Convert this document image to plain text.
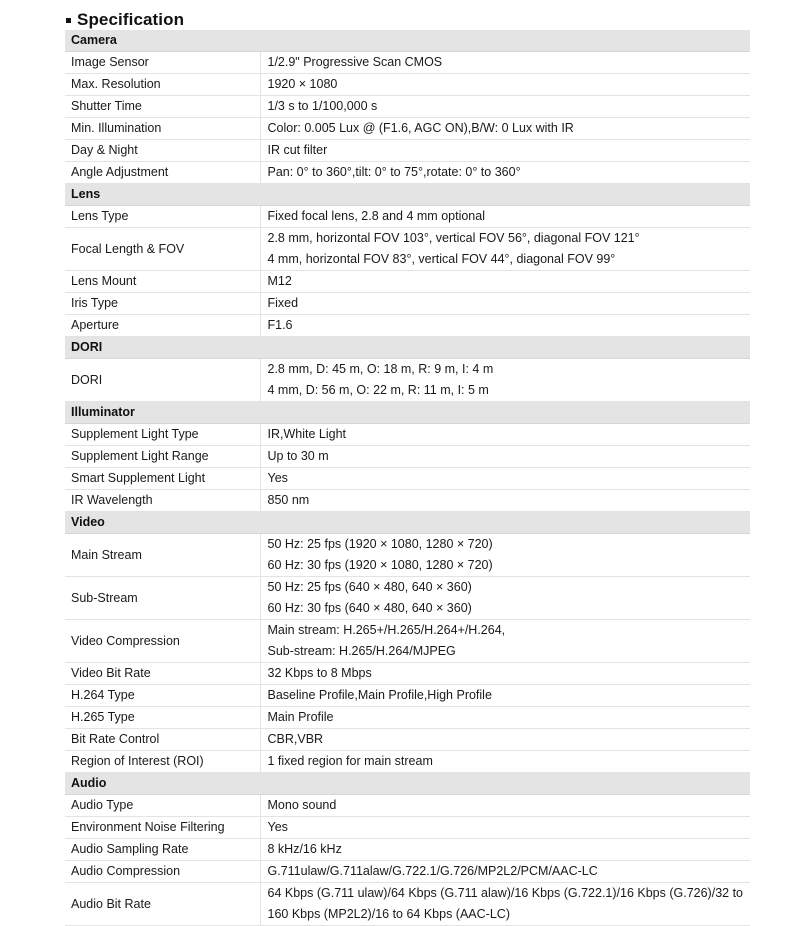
Specification
Camera	
Image Sensor	1/2.9" Progressive Scan CMOS

Max. Resolution	1920 × 1080

Shutter Time	1/3 s to 1/100,000 s

Min. Illumination	Color: 0.005 Lux @ (F1.6, AGC ON),B/W: 0 Lux with IR

Day & Night	IR cut filter

Angle Adjustment	Pan: 0° to 360°,tilt: 0° to 75°,rotate: 0° to 360°

Lens	
Lens Type	Fixed focal lens, 2.8 and 4 mm optional

Focal Length & FOV	2.8 mm, horizontal FOV 103°, vertical FOV 56°, diagonal FOV 121°
4 mm, horizontal FOV 83°, vertical FOV 44°, diagonal FOV 99°

Lens Mount	M12

Iris Type	Fixed

Aperture	F1.6

DORI	
DORI	2.8 mm, D: 45 m, O: 18 m, R: 9 m, I: 4 m
4 mm, D: 56 m, O: 22 m, R: 11 m, I: 5 m

Illuminator	
Supplement Light Type	IR,White Light

Supplement Light Range	Up to 30 m

Smart Supplement Light	Yes

IR Wavelength	850 nm

Video	
Main Stream	50 Hz: 25 fps (1920 × 1080, 1280 × 720)
60 Hz: 30 fps (1920 × 1080, 1280 × 720)

Sub-Stream	50 Hz: 25 fps (640 × 480, 640 × 360)
60 Hz: 30 fps (640 × 480, 640 × 360)

Video Compression	Main stream: H.265+/H.265/H.264+/H.264,
Sub-stream: H.265/H.264/MJPEG

Video Bit Rate	32 Kbps to 8 Mbps

H.264 Type	Baseline Profile,Main Profile,High Profile

H.265 Type	Main Profile

Bit Rate Control	CBR,VBR

Region of Interest (ROI)	1 fixed region for main stream

Audio	
Audio Type	Mono sound

Environment Noise Filtering	Yes

Audio Sampling Rate	8 kHz/16 kHz

Audio Compression	G.711ulaw/G.711alaw/G.722.1/G.726/MP2L2/PCM/AAC-LC

Audio Bit Rate	64 Kbps (G.711 ulaw)/64 Kbps (G.711 alaw)/16 Kbps (G.722.1)/16 Kbps (G.726)/32 to
160 Kbps (MP2L2)/16 to 64 Kbps (AAC-LC)
